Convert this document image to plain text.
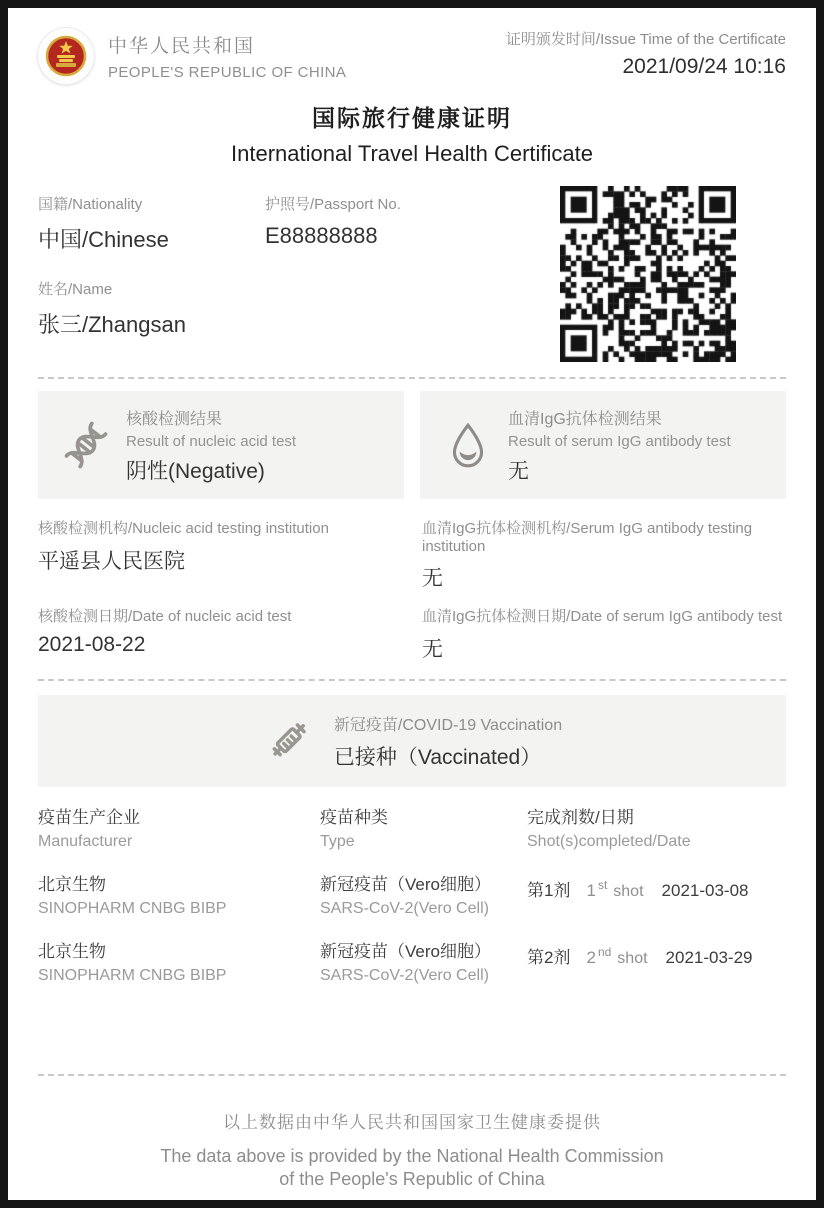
中华人民共和国
PEOPLE'S REPUBLIC OF CHINA
证明颁发时间/Issue Time of the Certificate
2021/09/24 10:16
国际旅行健康证明
International Travel Health Certificate
国籍/Nationality
中国/Chinese
护照号/Passport No.
E88888888
姓名/Name
张三/Zhangsan
核酸检测结果
Result of nucleic acid test
阴性(Negative)
血清IgG抗体检测结果
Result of serum IgG antibody test
无
核酸检测机构/Nucleic acid testing institution
平遥县人民医院
血清IgG抗体检测机构/Serum IgG antibody testing institution
无
核酸检测日期/Date of nucleic acid test
2021-08-22
血清IgG抗体检测日期/Date of serum IgG antibody test
无
新冠疫苗/COVID-19 Vaccination
已接种（Vaccinated）
疫苗生产企业
Manufacturer
疫苗种类
Type
完成剂数/日期
Shot(s)completed/Date
北京生物
SINOPHARM CNBG BIBP
新冠疫苗（Vero细胞）
SARS-CoV-2(Vero Cell)
第1剂 1 st shot 2021-03-08
北京生物
SINOPHARM CNBG BIBP
新冠疫苗（Vero细胞）
SARS-CoV-2(Vero Cell)
第2剂 2 nd shot 2021-03-29
以上数据由中华人民共和国国家卫生健康委提供
The data above is provided by the National Health Commission
of the People's Republic of China
